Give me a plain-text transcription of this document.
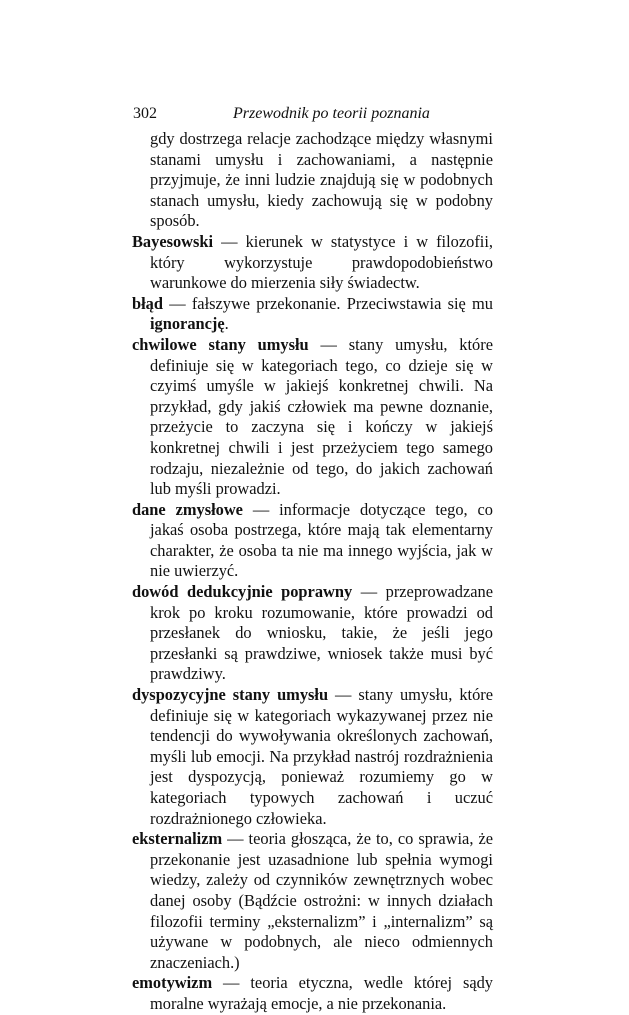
302	Przewodnik po teorii poznania

gdy dostrzega relacje zachodzące między własnymi stanami umysłu i zachowaniami, a następnie przyjmuje, że inni ludzie znajdują się w podobnych stanach umysłu, kiedy zachowują się w podobny sposób.

Bayesowski — kierunek w statystyce i w filozofii, który wykorzystuje prawdopodobieństwo warunkowe do mierzenia siły świadectw.

błąd — fałszywe przekonanie. Przeciwstawia się mu ignorancję.

chwilowe stany umysłu — stany umysłu, które definiuje się w kategoriach tego, co dzieje się w czyimś umyśle w jakiejś konkretnej chwili. Na przykład, gdy jakiś człowiek ma pewne doznanie, przeżycie to zaczyna się i kończy w jakiejś konkretnej chwili i jest przeżyciem tego samego rodzaju, niezależnie od tego, do jakich zachowań lub myśli prowadzi.

dane zmysłowe — informacje dotyczące tego, co jakaś osoba postrzega, które mają tak elementarny charakter, że osoba ta nie ma innego wyjścia, jak w nie uwierzyć.

dowód dedukcyjnie poprawny — przeprowadzane krok po kroku rozumowanie, które prowadzi od przesłanek do wniosku, takie, że jeśli jego przesłanki są prawdziwe, wniosek także musi być prawdziwy.

dyspozycyjne stany umysłu — stany umysłu, które definiuje się w kategoriach wykazywanej przez nie tendencji do wywoływania określonych zachowań, myśli lub emocji. Na przykład nastrój rozdrażnienia jest dyspozycją, ponieważ rozumiemy go w kategoriach typowych zachowań i uczuć rozdrażnionego człowieka.

eksternalizm — teoria głosząca, że to, co sprawia, że przekonanie jest uzasadnione lub spełnia wymogi wiedzy, zależy od czynników zewnętrznych wobec danej osoby (Bądźcie ostrożni: w innych działach filozofii terminy „eksternalizm” i „internalizm” są używane w podobnych, ale nieco odmiennych znaczeniach.)

emotywizm — teoria etyczna, wedle której sądy moralne wyrażają emocje, a nie przekonania.
